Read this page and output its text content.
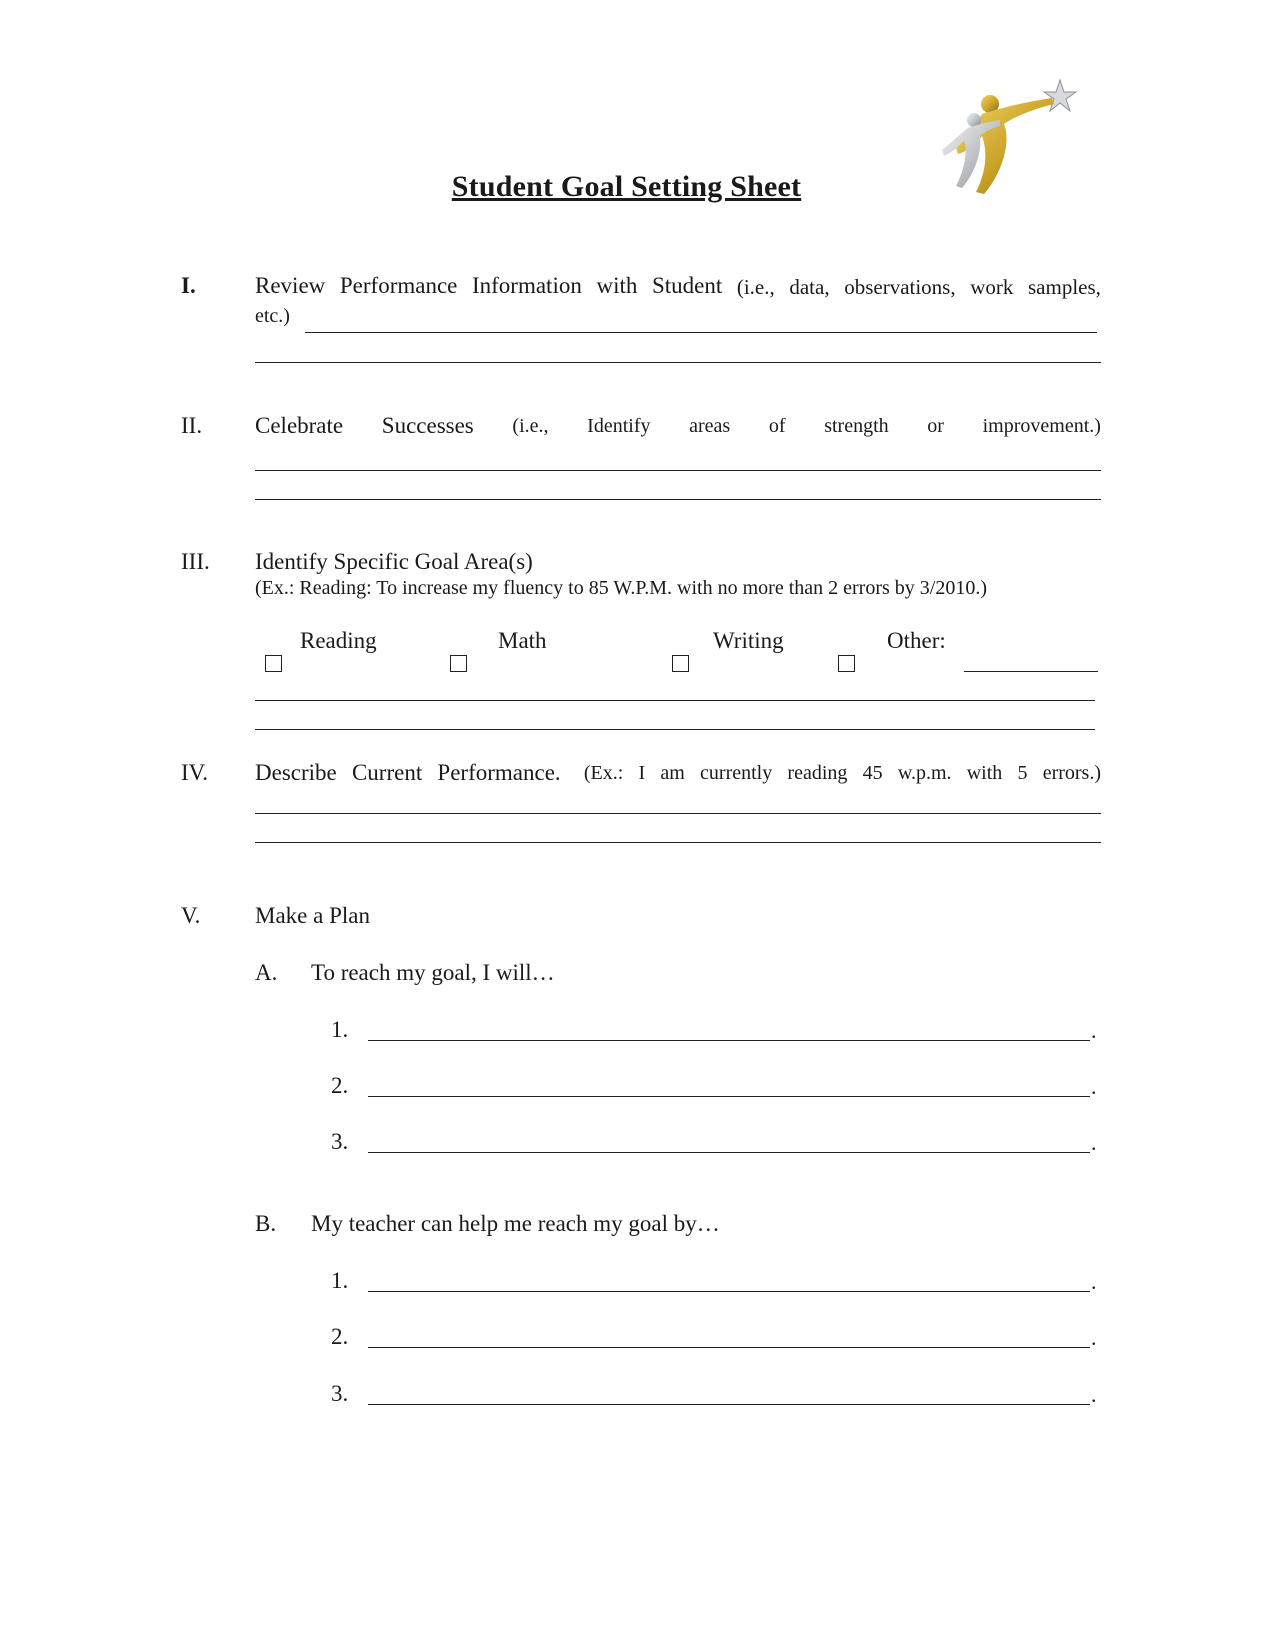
Student Goal Setting Sheet
I.	Review Performance Information with Student (i.e., data, observations, work samples,
etc.)
II. Celebrate Successes (i.e., Identify areas of strength or improvement.)
III. Identify Specific Goal Area(s)
(Ex.: Reading: To increase my fluency to 85 W.P.M. with no more than 2 errors by 3/2010.)
Reading	Math	Writing	Other:
IV. Describe Current Performance. (Ex.: I am currently reading 45 w.p.m. with 5 errors.)
V. Make a Plan
A. To reach my goal, I will…
1.	.
2.	.
3.	.
B. My teacher can help me reach my goal by…
1.	.
2.	.
3.	.
